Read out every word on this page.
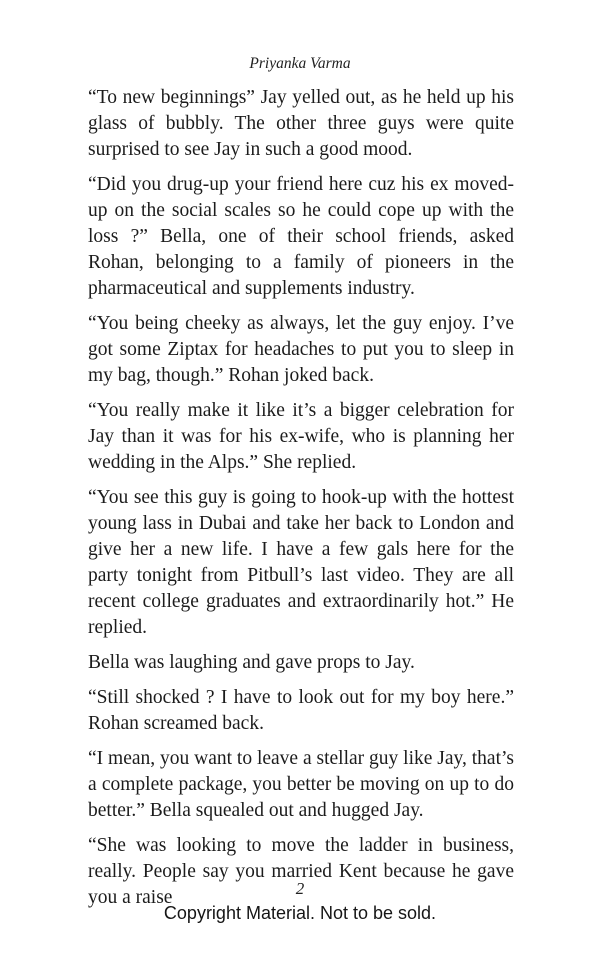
Priyanka Varma

“To new beginnings” Jay yelled out, as he held up his glass of bubbly. The other three guys were quite surprised to see Jay in such a good mood.

“Did you drug-up your friend here cuz his ex moved-up on the social scales so he could cope up with the loss ?” Bella, one of their school friends, asked Rohan, belonging to a family of pioneers in the pharmaceutical and supplements industry.

“You being cheeky as always, let the guy enjoy. I’ve got some Ziptax for headaches to put you to sleep in my bag, though.” Rohan joked back.

“You really make it like it’s a bigger celebration for Jay than it was for his ex-wife, who is planning her wedding in the Alps.” She replied.

“You see this guy is going to hook-up with the hottest young lass in Dubai and take her back to London and give her a new life. I have a few gals here for the party tonight from Pitbull’s last video. They are all recent college graduates and extraordinarily hot.” He replied.

Bella was laughing and gave props to Jay.

“Still shocked ? I have to look out for my boy here.” Rohan screamed back.

“I mean, you want to leave a stellar guy like Jay, that’s a complete package, you better be moving on up to do better.” Bella squealed out and hugged Jay.

“She was looking to move the ladder in business, really. People say you married Kent because he gave you a raise	2
Copyright Material. Not to be sold.
